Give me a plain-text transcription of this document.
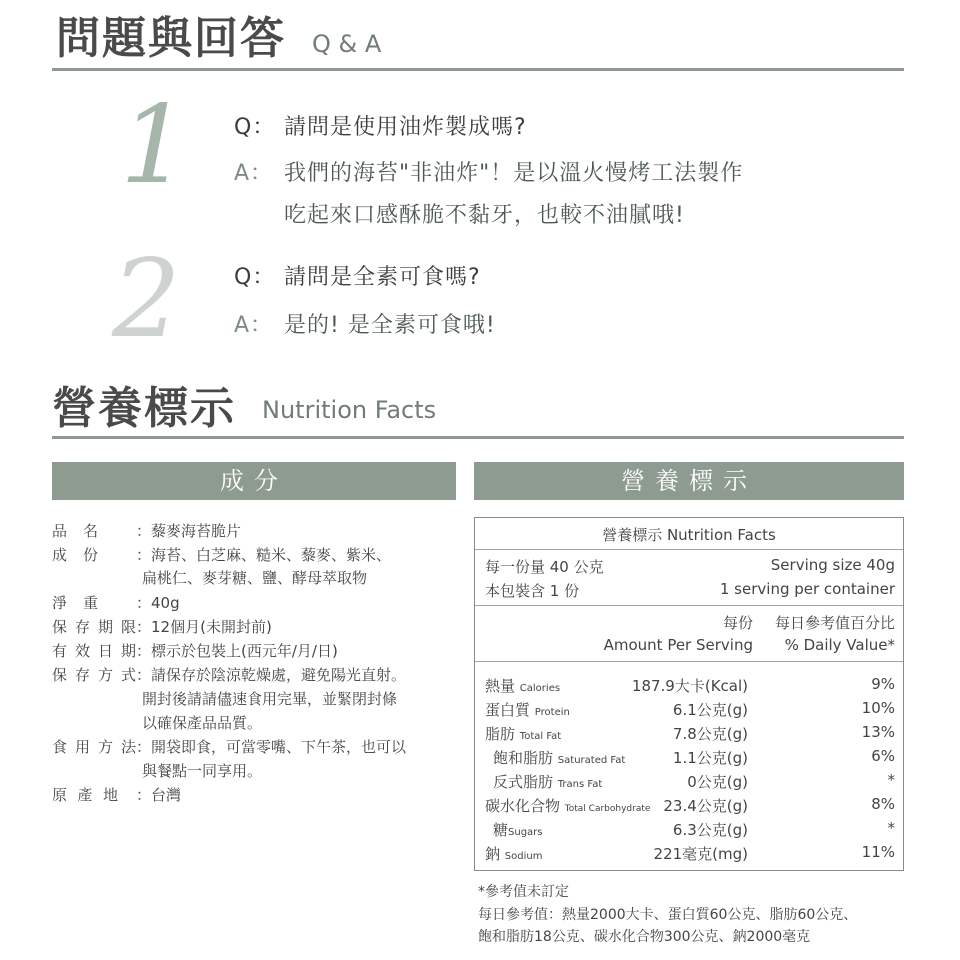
問題與回答 Q & A
1 Q： 請問是使用油炸製成嗎?
A： 我們的海苔"非油炸"！是以溫火慢烤工法製作
吃起來口感酥脆不黏牙，也較不油膩哦!
2 Q： 請問是全素可食嗎?
A： 是的! 是全素可食哦!
營養標示 Nutrition Facts
成分
品名	：藜麥海苔脆片
成份	：海苔、白芝麻、糙米、藜麥、紫米、
扁桃仁、麥芽糖、鹽、酵母萃取物
淨重	：40g
保存期限 ：12個月(未開封前)
有效日期 ：標示於包裝上(西元年/月/日)
保存方式 ：請保存於陰涼乾燥處，避免陽光直射。
開封後請請儘速食用完畢，並緊閉封條
以確保產品品質。
食用方法 ：開袋即食，可當零嘴、下午茶，也可以
與餐點一同享用。
原產地 ：台灣
營養標示
營養標示 Nutrition Facts
每一份量 40 公克	Serving size 40g
本包裝含 1 份	1 serving per container
每份 每日參考值百分比
Amount Per Serving % Daily Value*
熱量 Calories	187.9大卡(Kcal)	9%
蛋白質 Protein	6.1公克(g)	10%
脂肪 Total Fat	7.8公克(g)	13%
飽和脂肪 Saturated Fat	1.1公克(g)	6%
反式脂肪 Trans Fat	0公克(g)	*
碳水化合物 Total Carbohydrate 23.4公克(g)	8%
糖Sugars	6.3公克(g)	*
鈉 Sodium	221毫克(mg)	11%
*參考值未訂定
每日參考值：熱量2000大卡、蛋白質60公克、脂肪60公克、
飽和脂肪18公克、碳水化合物300公克、鈉2000毫克
